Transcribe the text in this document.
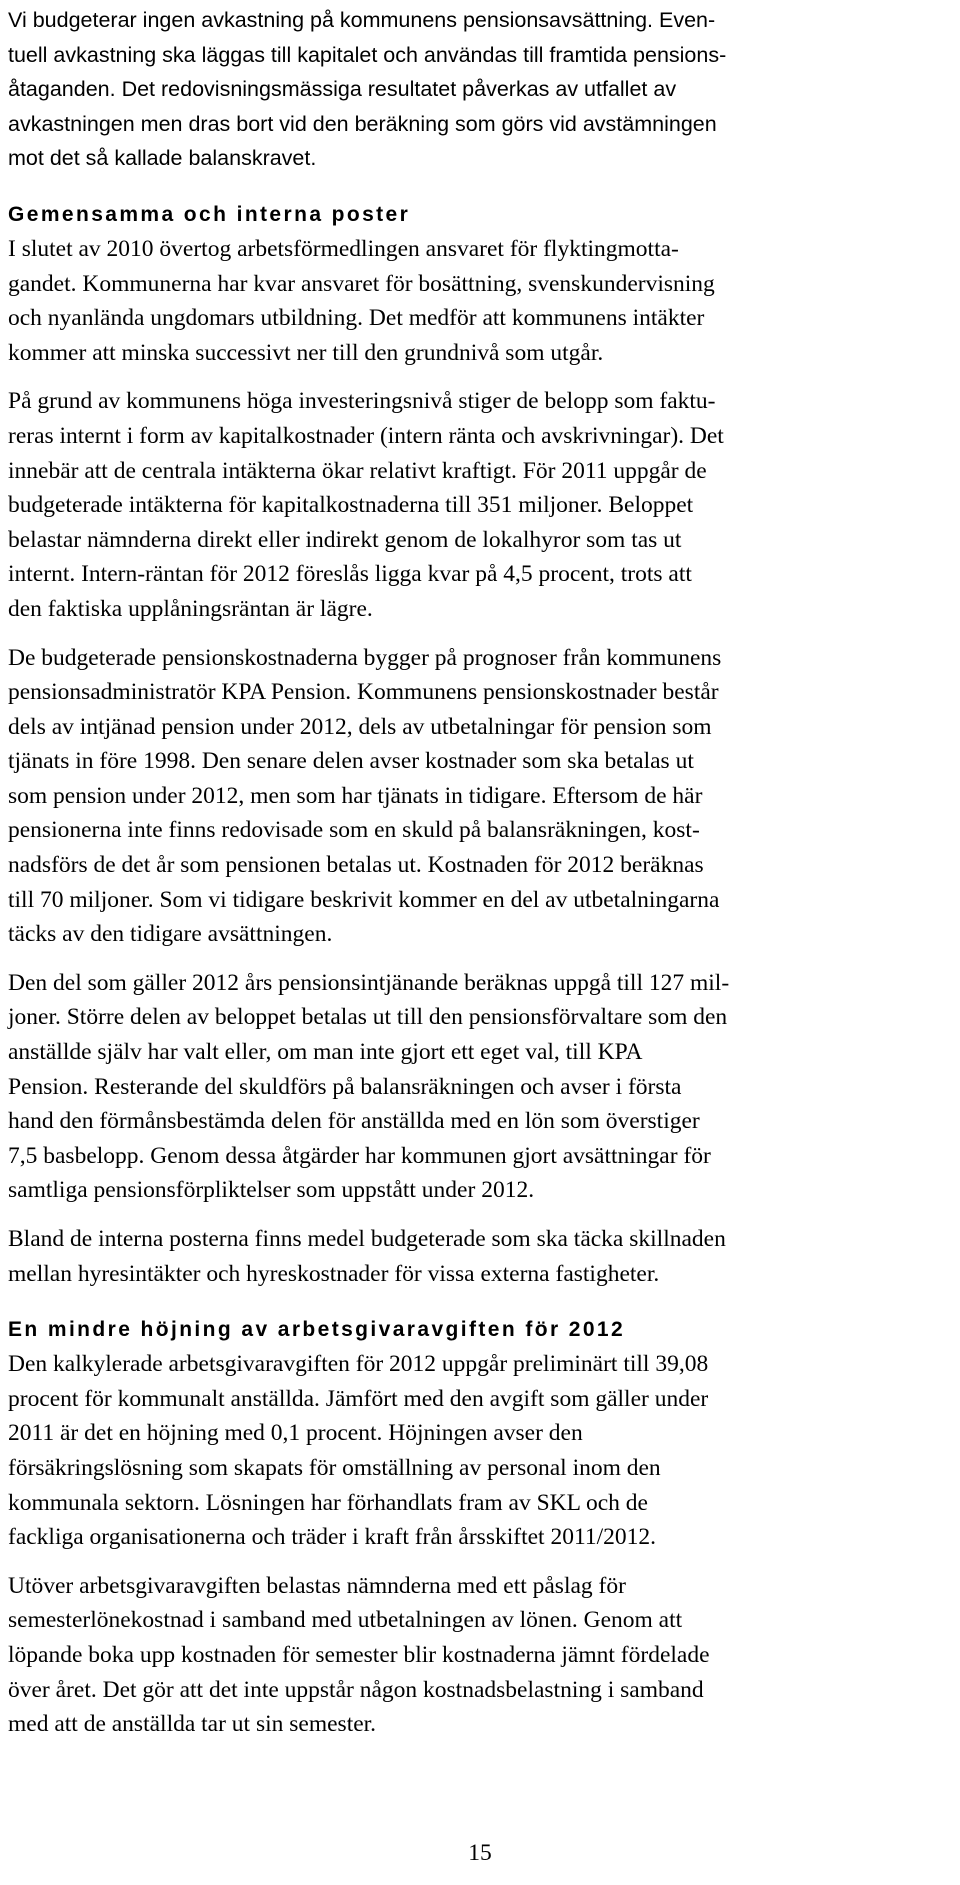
Vi budgeterar ingen avkastning på kommunens pensionsavsättning. Even-
tuell avkastning ska läggas till kapitalet och användas till framtida pensions-
åtaganden. Det redovisningsmässiga resultatet påverkas av utfallet av
avkastningen men dras bort vid den beräkning som görs vid avstämningen
mot det så kallade balanskravet.

Gemensamma och interna poster

I slutet av 2010 övertog arbetsförmedlingen ansvaret för flyktingmotta-
gandet. Kommunerna har kvar ansvaret för bosättning, svenskundervisning
och nyanlända ungdomars utbildning. Det medför att kommunens intäkter
kommer att minska successivt ner till den grundnivå som utgår.

På grund av kommunens höga investeringsnivå stiger de belopp som faktu-
reras internt i form av kapitalkostnader (intern ränta och avskrivningar). Det
innebär att de centrala intäkterna ökar relativt kraftigt. För 2011 uppgår de
budgeterade intäkterna för kapitalkostnaderna till 351 miljoner. Beloppet
belastar nämnderna direkt eller indirekt genom de lokalhyror som tas ut
internt. Intern-räntan för 2012 föreslås ligga kvar på 4,5 procent, trots att
den faktiska upplåningsräntan är lägre.

De budgeterade pensionskostnaderna bygger på prognoser från kommunens
pensionsadministratör KPA Pension. Kommunens pensionskostnader består
dels av intjänad pension under 2012, dels av utbetalningar för pension som
tjänats in före 1998. Den senare delen avser kostnader som ska betalas ut
som pension under 2012, men som har tjänats in tidigare. Eftersom de här
pensionerna inte finns redovisade som en skuld på balansräkningen, kost-
nadsförs de det år som pensionen betalas ut. Kostnaden för 2012 beräknas
till 70 miljoner. Som vi tidigare beskrivit kommer en del av utbetalningarna
täcks av den tidigare avsättningen.

Den del som gäller 2012 års pensionsintjänande beräknas uppgå till 127 mil-
joner. Större delen av beloppet betalas ut till den pensionsförvaltare som den
anställde själv har valt eller, om man inte gjort ett eget val, till KPA
Pension. Resterande del skuldförs på balansräkningen och avser i första
hand den förmånsbestämda delen för anställda med en lön som överstiger
7,5 basbelopp. Genom dessa åtgärder har kommunen gjort avsättningar för
samtliga pensionsförpliktelser som uppstått under 2012.

Bland de interna posterna finns medel budgeterade som ska täcka skillnaden
mellan hyresintäkter och hyreskostnader för vissa externa fastigheter.

En mindre höjning av arbetsgivaravgiften för 2012

Den kalkylerade arbetsgivaravgiften för 2012 uppgår preliminärt till 39,08
procent för kommunalt anställda. Jämfört med den avgift som gäller under
2011 är det en höjning med 0,1 procent. Höjningen avser den
försäkringslösning som skapats för omställning av personal inom den
kommunala sektorn. Lösningen har förhandlats fram av SKL och de
fackliga organisationerna och träder i kraft från årsskiftet 2011/2012.

Utöver arbetsgivaravgiften belastas nämnderna med ett påslag för
semesterlönekostnad i samband med utbetalningen av lönen. Genom att
löpande boka upp kostnaden för semester blir kostnaderna jämnt fördelade
över året. Det gör att det inte uppstår någon kostnadsbelastning i samband
med att de anställda tar ut sin semester.

15
